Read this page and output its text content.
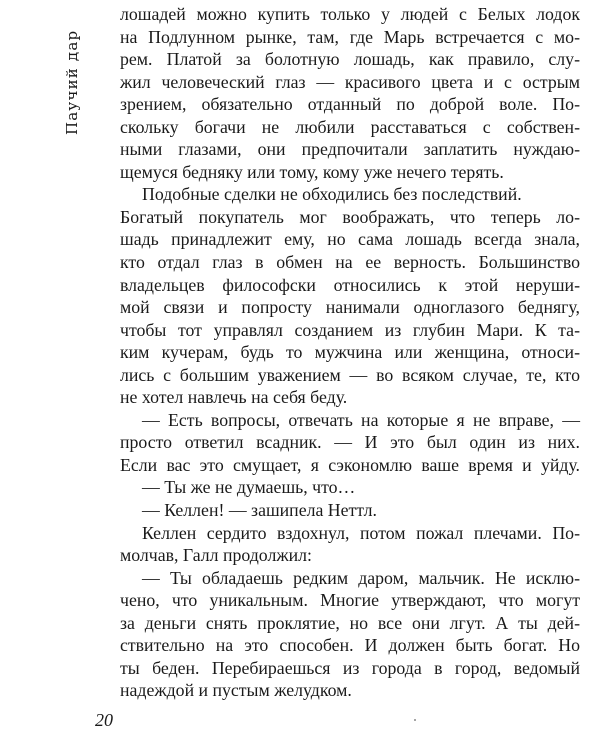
Паучий дар
лошадей можно купить только у людей с Белых лодок
на Подлунном рынке, там, где Марь встречается с мо-
рем. Платой за болотную лошадь, как правило, слу-
жил человеческий глаз — красивого цвета и с острым
зрением, обязательно отданный по доброй воле. По-
скольку богачи не любили расставаться с собствен-
ными глазами, они предпочитали заплатить нуждаю-
щемуся бедняку или тому, кому уже нечего терять.
Подобные сделки не обходились без последствий.
Богатый покупатель мог воображать, что теперь ло-
шадь принадлежит ему, но сама лошадь всегда знала,
кто отдал глаз в обмен на ее верность. Большинство
владельцев философски относились к этой неруши-
мой связи и попросту нанимали одноглазого беднягу,
чтобы тот управлял созданием из глубин Мари. К та-
ким кучерам, будь то мужчина или женщина, относи-
лись с большим уважением — во всяком случае, те, кто
не хотел навлечь на себя беду.
— Есть вопросы, отвечать на которые я не вправе, —
просто ответил всадник. — И это был один из них.
Если вас это смущает, я сэкономлю ваше время и уйду.
— Ты же не думаешь, что…
— Келлен! — зашипела Неттл.
Келлен сердито вздохнул, потом пожал плечами. По-
молчав, Галл продолжил:
— Ты обладаешь редким даром, мальчик. Не исклю-
чено, что уникальным. Многие утверждают, что могут
за деньги снять проклятие, но все они лгут. А ты дей-
ствительно на это способен. И должен быть богат. Но
ты беден. Перебираешься из города в город, ведомый
надеждой и пустым желудком.
20
